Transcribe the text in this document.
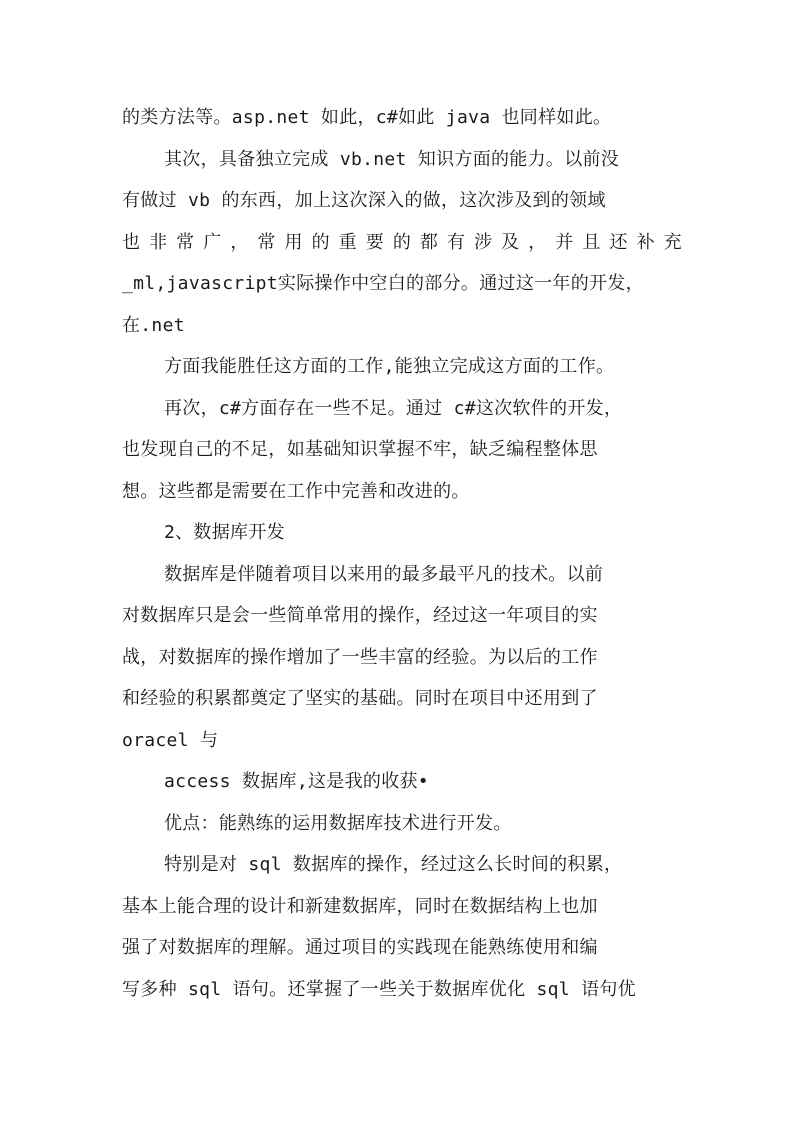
的类方法等。asp.net 如此，c#如此 java 也同样如此。
其次，具备独立完成 vb.net 知识方面的能力。以前没
有做过 vb 的东西，加上这次深入的做，这次涉及到的领域
也非常广，常用的重要的都有涉及，并且还补充
_ml,javascript实际操作中空白的部分。通过这一年的开发，
在.net
方面我能胜任这方面的工作,能独立完成这方面的工作。
再次，c#方面存在一些不足。通过 c#这次软件的开发，
也发现自己的不足，如基础知识掌握不牢，缺乏编程整体思
想。这些都是需要在工作中完善和改进的。
2、数据库开发
数据库是伴随着项目以来用的最多最平凡的技术。以前
对数据库只是会一些简单常用的操作，经过这一年项目的实
战，对数据库的操作增加了一些丰富的经验。为以后的工作
和经验的积累都奠定了坚实的基础。同时在项目中还用到了
oracel 与
access 数据库,这是我的收获•
优点：能熟练的运用数据库技术进行开发。
特别是对 sql 数据库的操作，经过这么长时间的积累，
基本上能合理的设计和新建数据库，同时在数据结构上也加
强了对数据库的理解。通过项目的实践现在能熟练使用和编
写多种 sql 语句。还掌握了一些关于数据库优化 sql 语句优
